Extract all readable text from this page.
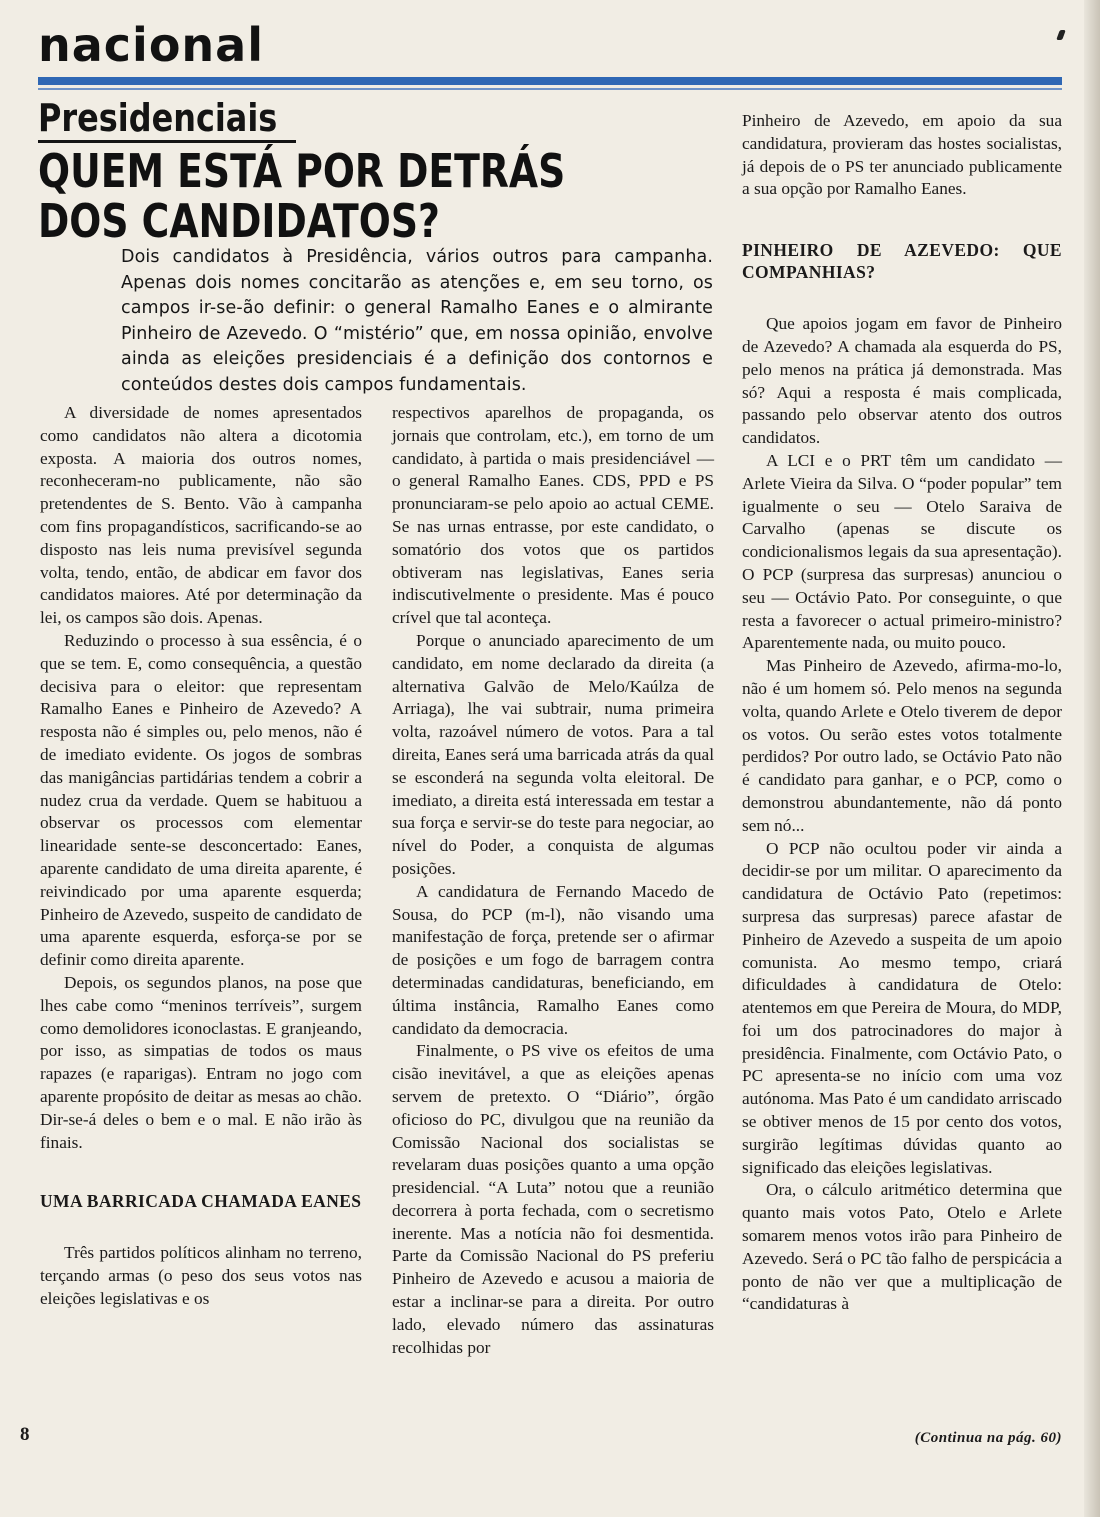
nacional
Presidenciais
QUEM ESTÁ POR DETRÁS
DOS CANDIDATOS?
Dois candidatos à Presidência, vários outros para campanha. Apenas dois nomes concitarão as atenções e, em seu torno, os campos ir-se-ão definir: o general Ramalho Eanes e o almirante Pinheiro de Azevedo. O “mistério” que, em nossa opinião, envolve ainda as eleições presidenciais é a definição dos contornos e conteúdos destes dois campos fundamentais.

A diversidade de nomes apresentados como candidatos não altera a dicotomia exposta. A maioria dos outros nomes, reconheceram-no publicamente, não são pretendentes de S. Bento. Vão à campanha com fins propagandísticos, sacrificando-se ao disposto nas leis numa previsível segunda volta, tendo, então, de abdicar em favor dos candidatos maiores. Até por determinação da lei, os campos são dois. Apenas.

Reduzindo o processo à sua essência, é o que se tem. E, como consequência, a questão decisiva para o eleitor: que representam Ramalho Eanes e Pinheiro de Azevedo? A resposta não é simples ou, pelo menos, não é de imediato evidente. Os jogos de sombras das manigâncias partidárias tendem a cobrir a nudez crua da verdade. Quem se habituou a observar os processos com elementar linearidade sente-se desconcertado: Eanes, aparente candidato de uma direita aparente, é reivindicado por uma aparente esquerda; Pinheiro de Azevedo, suspeito de candidato de uma aparente esquerda, esforça-se por se definir como direita aparente.

Depois, os segundos planos, na pose que lhes cabe como “meninos terríveis”, surgem como demolidores iconoclastas. E granjeando, por isso, as simpatias de todos os maus rapazes (e raparigas). Entram no jogo com aparente propósito de deitar as mesas ao chão. Dir-se-á deles o bem e o mal. E não irão às finais.

UMA BARRICADA CHAMADA EANES

Três partidos políticos alinham no terreno, terçando armas (o peso dos seus votos nas eleições legislativas e os

respectivos aparelhos de propaganda, os jornais que controlam, etc.), em torno de um candidato, à partida o mais presidenciável — o general Ramalho Eanes. CDS, PPD e PS pronunciaram-se pelo apoio ao actual CEME. Se nas urnas entrasse, por este candidato, o somatório dos votos que os partidos obtiveram nas legislativas, Eanes seria indiscutivelmente o presidente. Mas é pouco crível que tal aconteça.

Porque o anunciado aparecimento de um candidato, em nome declarado da direita (a alternativa Galvão de Melo/Kaúlza de Arriaga), lhe vai subtrair, numa primeira volta, razoável número de votos. Para a tal direita, Eanes será uma barricada atrás da qual se esconderá na segunda volta eleitoral. De imediato, a direita está interessada em testar a sua força e servir-se do teste para negociar, ao nível do Poder, a conquista de algumas posições.

A candidatura de Fernando Macedo de Sousa, do PCP (m-l), não visando uma manifestação de força, pretende ser o afirmar de posições e um fogo de barragem contra determinadas candidaturas, beneficiando, em última instância, Ramalho Eanes como candidato da democracia.

Finalmente, o PS vive os efeitos de uma cisão inevitável, a que as eleições apenas servem de pretexto. O “Diário”, órgão oficioso do PC, divulgou que na reunião da Comissão Nacional dos socialistas se revelaram duas posições quanto a uma opção presidencial. “A Luta” notou que a reunião decorrera à porta fechada, com o secretismo inerente. Mas a notícia não foi desmentida. Parte da Comissão Nacional do PS preferiu Pinheiro de Azevedo e acusou a maioria de estar a inclinar-se para a direita. Por outro lado, elevado número das assinaturas recolhidas por

Pinheiro de Azevedo, em apoio da sua candidatura, provieram das hostes socialistas, já depois de o PS ter anunciado publicamente a sua opção por Ramalho Eanes.

PINHEIRO DE AZEVEDO: QUE COMPANHIAS?

Que apoios jogam em favor de Pinheiro de Azevedo? A chamada ala esquerda do PS, pelo menos na prática já demonstrada. Mas só? Aqui a resposta é mais complicada, passando pelo observar atento dos outros candidatos.

A LCI e o PRT têm um candidato — Arlete Vieira da Silva. O “poder popular” tem igualmente o seu — Otelo Saraiva de Carvalho (apenas se discute os condicionalismos legais da sua apresentação). O PCP (surpresa das surpresas) anunciou o seu — Octávio Pato. Por conseguinte, o que resta a favorecer o actual primeiro-ministro? Aparentemente nada, ou muito pouco.

Mas Pinheiro de Azevedo, afirma-mo-lo, não é um homem só. Pelo menos na segunda volta, quando Arlete e Otelo tiverem de depor os votos. Ou serão estes votos totalmente perdidos? Por outro lado, se Octávio Pato não é candidato para ganhar, e o PCP, como o demonstrou abundantemente, não dá ponto sem nó...

O PCP não ocultou poder vir ainda a decidir-se por um militar. O aparecimento da candidatura de Octávio Pato (repetimos: surpresa das surpresas) parece afastar de Pinheiro de Azevedo a suspeita de um apoio comunista. Ao mesmo tempo, criará dificuldades à candidatura de Otelo: atentemos em que Pereira de Moura, do MDP, foi um dos patrocinadores do major à presidência. Finalmente, com Octávio Pato, o PC apresenta-se no início com uma voz autónoma. Mas Pato é um candidato arriscado se obtiver menos de 15 por cento dos votos, surgirão legítimas dúvidas quanto ao significado das eleições legislativas.

Ora, o cálculo aritmético determina que quanto mais votos Pato, Otelo e Arlete somarem menos votos irão para Pinheiro de Azevedo. Será o PC tão falho de perspicácia a ponto de não ver que a multiplicação de “candidaturas à

8	(Continua na pág. 60)
